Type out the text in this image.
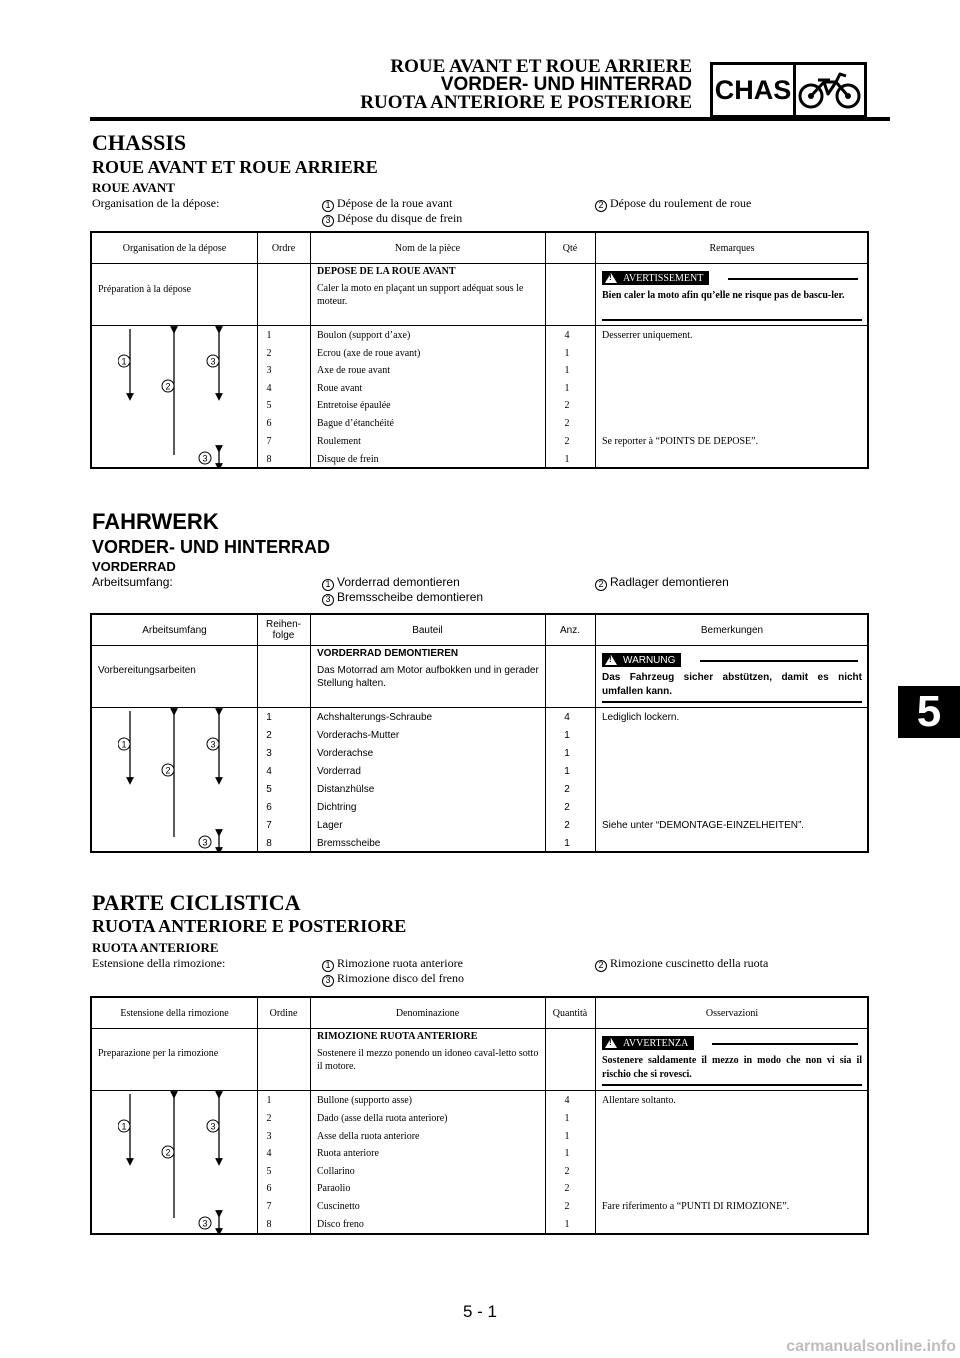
ROUE AVANT ET ROUE ARRIERE
VORDER- UND HINTERRAD
RUOTA ANTERIORE E POSTERIORE CHAS
5
CHASSIS
ROUE AVANT ET ROUE ARRIERE
ROUE AVANT
Organisation de la dépose:	1 Dépose de la roue avant	2 Dépose du roulement de roue
3 Dépose du disque de frein
Organisation de la dépose	Ordre	Nom de la pièce	Qté	Remarques
Préparation à la dépose
DEPOSE DE LA ROUE AVANT
Caler la moto en plaçant un support adéquat sous le moteur.
!
AVERTISSEMENT
Bien caler la moto afin qu’elle ne risque pas de bascu-ler.
1	3
2
3
1	Boulon (support d’axe)	4	Desserrer uniquement.
2	Ecrou (axe de roue avant)	1
3	Axe de roue avant	1
4	Roue avant	1
5	Entretoise épaulée	2
6	Bague d’étanchéité	2
7	Roulement	2	Se reporter à “POINTS DE DEPOSE”.
8	Disque de frein	1
FAHRWERK
VORDER- UND HINTERRAD
VORDERRAD
Arbeitsumfang:	1 Vorderrad demontieren	2 Radlager demontieren
3 Bremsscheibe demontieren
Arbeitsumfang	Reihen-
folge	Bauteil	Anz.	Bemerkungen
Vorbereitungsarbeiten
VORDERRAD DEMONTIEREN
Das Motorrad am Motor aufbokken und in gerader Stellung halten.
!
WARNUNG
Das Fahrzeug sicher abstützen, damit es nicht umfallen kann.
1	3
2
3
1	Achshalterungs-Schraube	4	Lediglich lockern.
2	Vorderachs-Mutter	1
3	Vorderachse	1
4	Vorderrad	1
5	Distanzhülse	2
6	Dichtring	2
7	Lager	2	Siehe unter “DEMONTAGE-EINZELHEITEN”.
8	Bremsscheibe	1
PARTE CICLISTICA
RUOTA ANTERIORE E POSTERIORE
RUOTA ANTERIORE
Estensione della rimozione:	1 Rimozione ruota anteriore	2 Rimozione cuscinetto della ruota
3 Rimozione disco del freno
Estensione della rimozione	Ordine	Denominazione	Quantità	Osservazioni
Preparazione per la rimozione
RIMOZIONE RUOTA ANTERIORE
Sostenere il mezzo ponendo un idoneo caval-letto sotto il motore.
!
AVVERTENZA
Sostenere saldamente il mezzo in modo che non vi sia il rischio che si rovesci.
1	3
2
3
1	Bullone (supporto asse)	4	Allentare soltanto.
2	Dado (asse della ruota anteriore)	1
3	Asse della ruota anteriore	1
4	Ruota anteriore	1
5	Collarino	2
6	Paraolio	2
7	Cuscinetto	2	Fare riferimento a “PUNTI DI RIMOZIONE”.
8	Disco freno	1
5 - 1
carmanualsonline.info
